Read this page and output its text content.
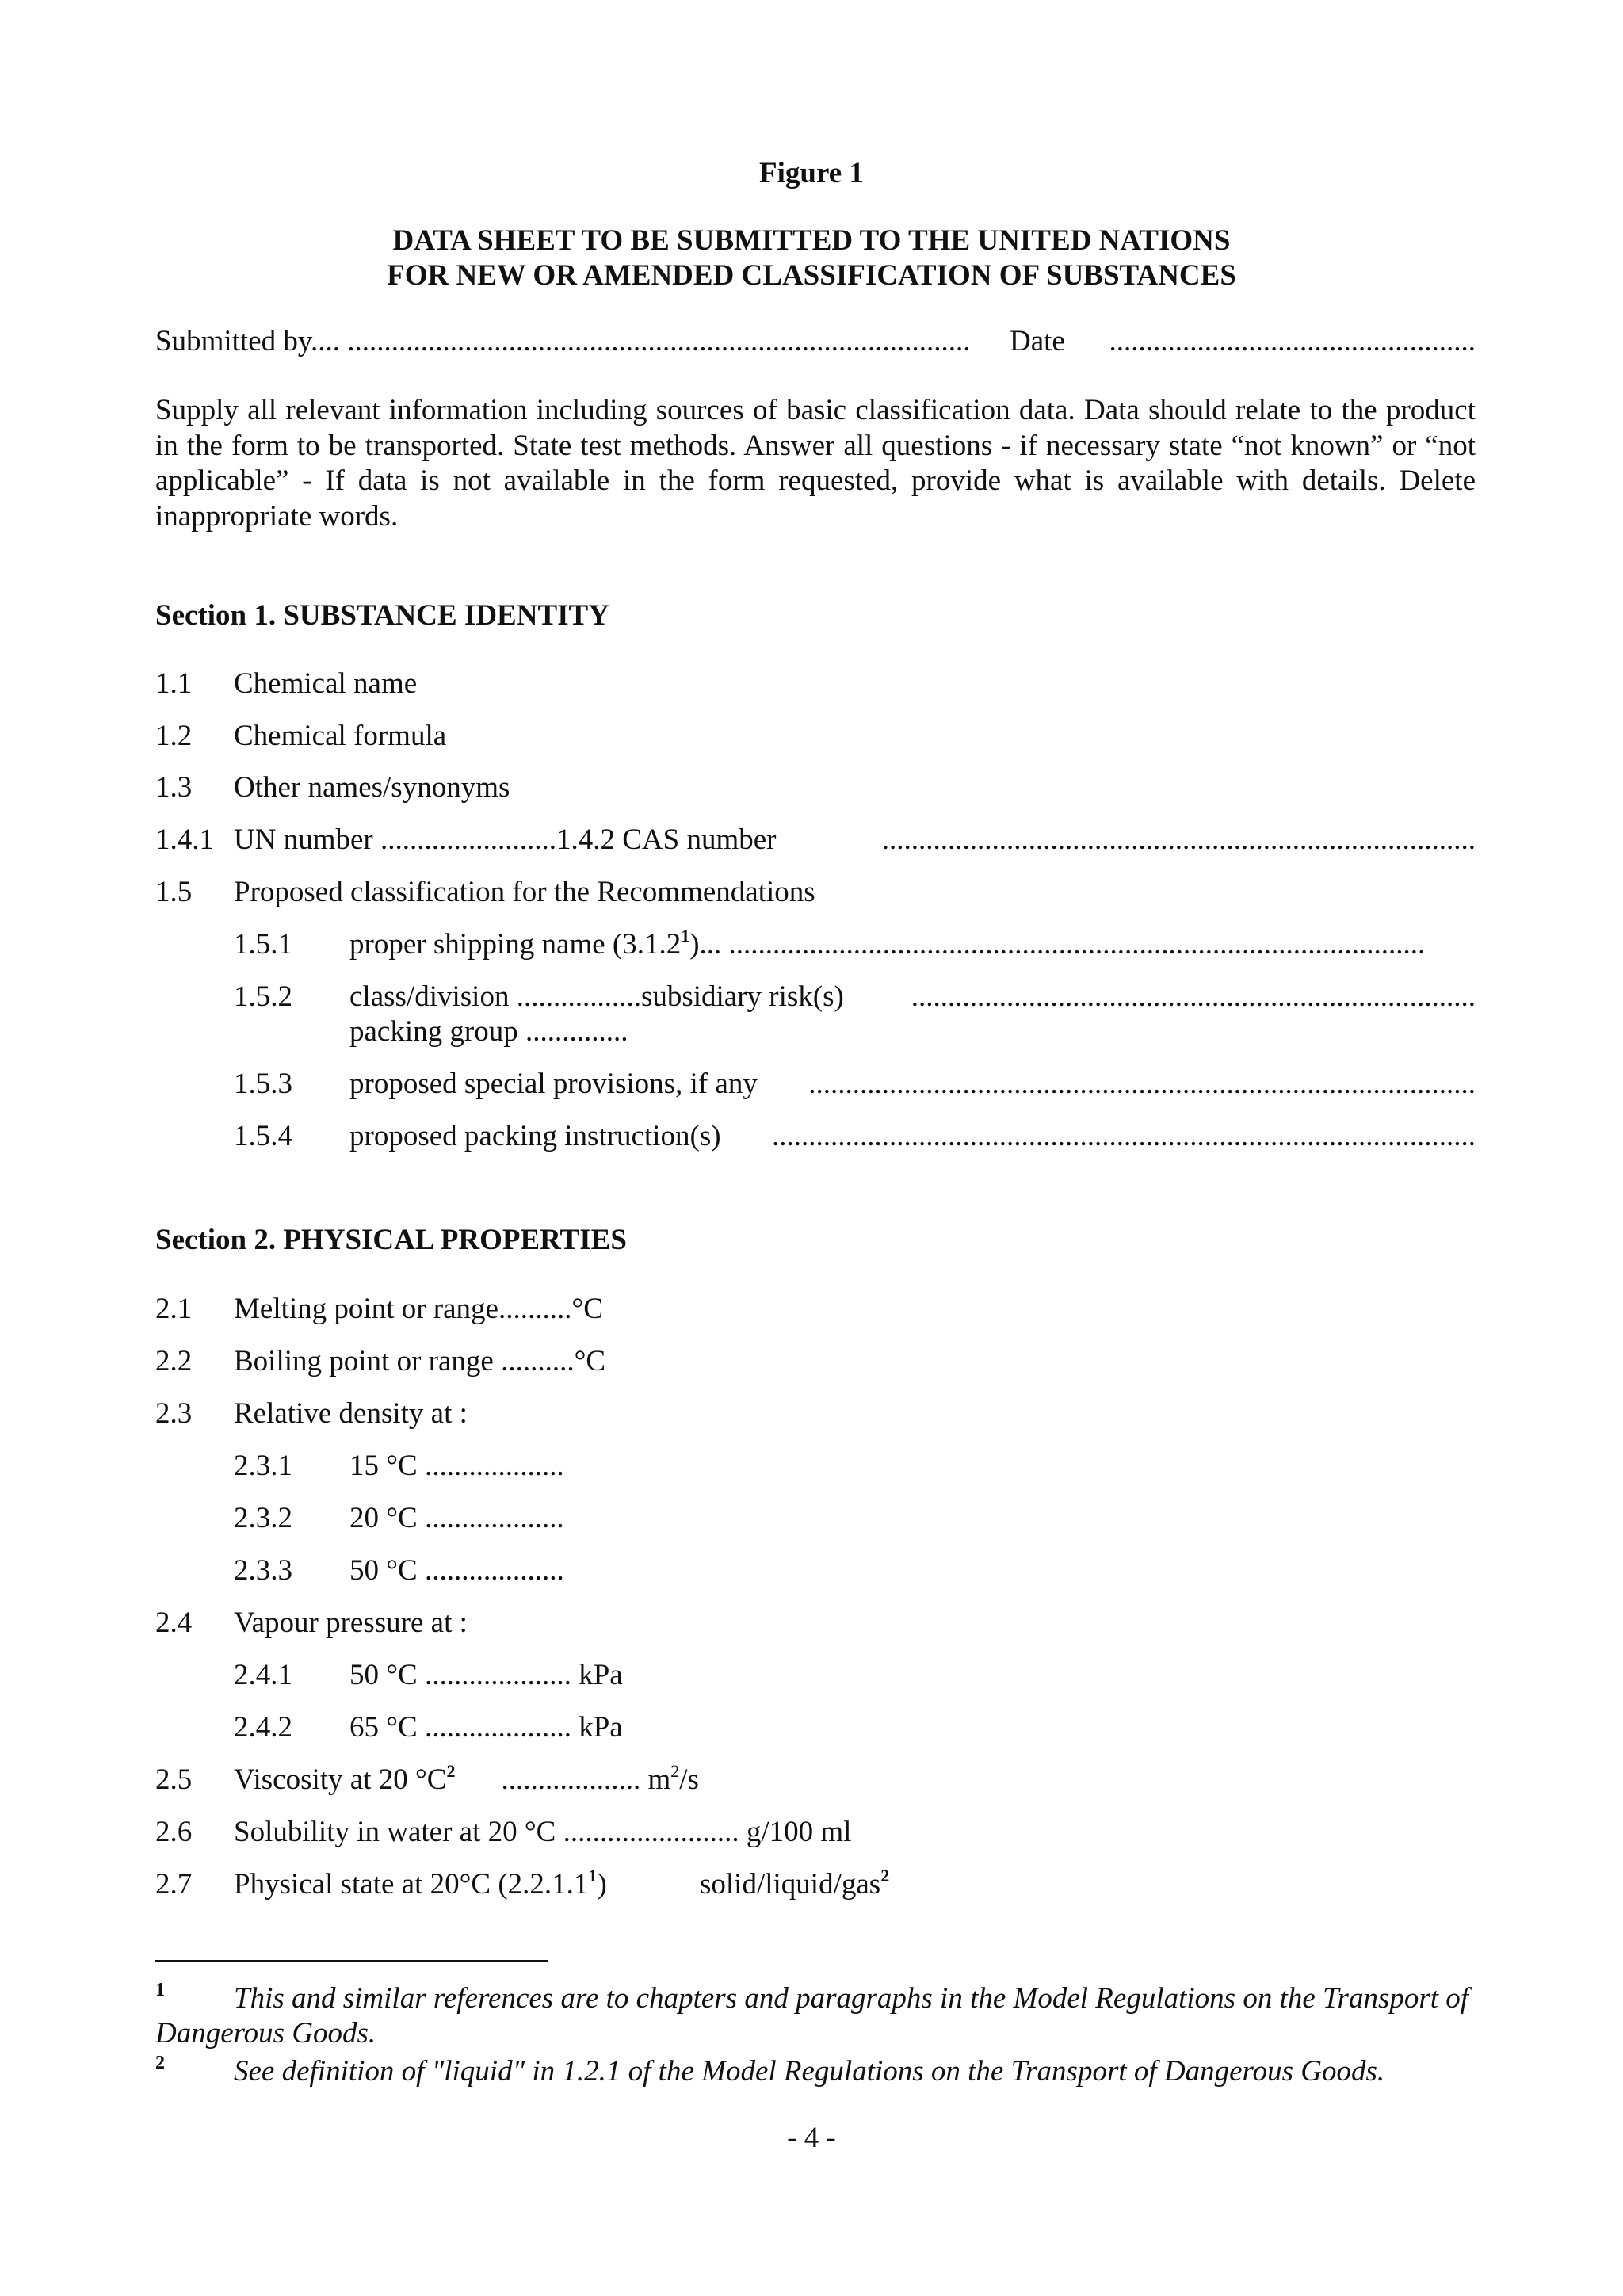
Figure 1
DATA SHEET TO BE SUBMITTED TO THE UNITED NATIONS
FOR NEW OR AMENDED CLASSIFICATION OF SUBSTANCES
Submitted by.... ..................................................................................... Date ..................................................
Supply all relevant information including sources of basic classification data. Data should relate to the product in the form to be transported. State test methods. Answer all questions - if necessary state “not known” or “not applicable” - If data is not available in the form requested, provide what is available with details. Delete inappropriate words.
Section 1. SUBSTANCE IDENTITY
1.1 Chemical name
1.2 Chemical formula
1.3 Other names/synonyms
1.4.1 UN number ........................1.4.2 CAS number	.................................................................................
1.5 Proposed classification for the Recommendations
1.5.1 proper shipping name (3.1.2$^1$)... ...............................................................................................
1.5.2 class/division .................subsidiary risk(s) .............................................................................
packing group ..............
1.5.3 proposed special provisions, if any ...........................................................................................
1.5.4 proposed packing instruction(s) ................................................................................................
Section 2. PHYSICAL PROPERTIES
2.1 Melting point or range..........°C
2.2 Boiling point or range ..........°C
2.3 Relative density at :
2.3.1 15 °C ...................
2.3.2 20 °C ...................
2.3.3 50 °C ...................
2.4 Vapour pressure at :
2.4.1 50 °C .................... kPa
2.4.2 65 °C .................... kPa
2.5 Viscosity at 20 $^\circ C^2$ ................... $m^2/s$
2.6 Solubility in water at 20 °C ........................ g/100 ml
2.7 Physical state at 20°C (2.2.1.1$^1$)	solid/liquid/gas$^2$
1 This and similar references are to chapters and paragraphs in the Model Regulations on the Transport of
Dangerous Goods.
2 See definition of "liquid" in 1.2.1 of the Model Regulations on the Transport of Dangerous Goods.
- 4 -
